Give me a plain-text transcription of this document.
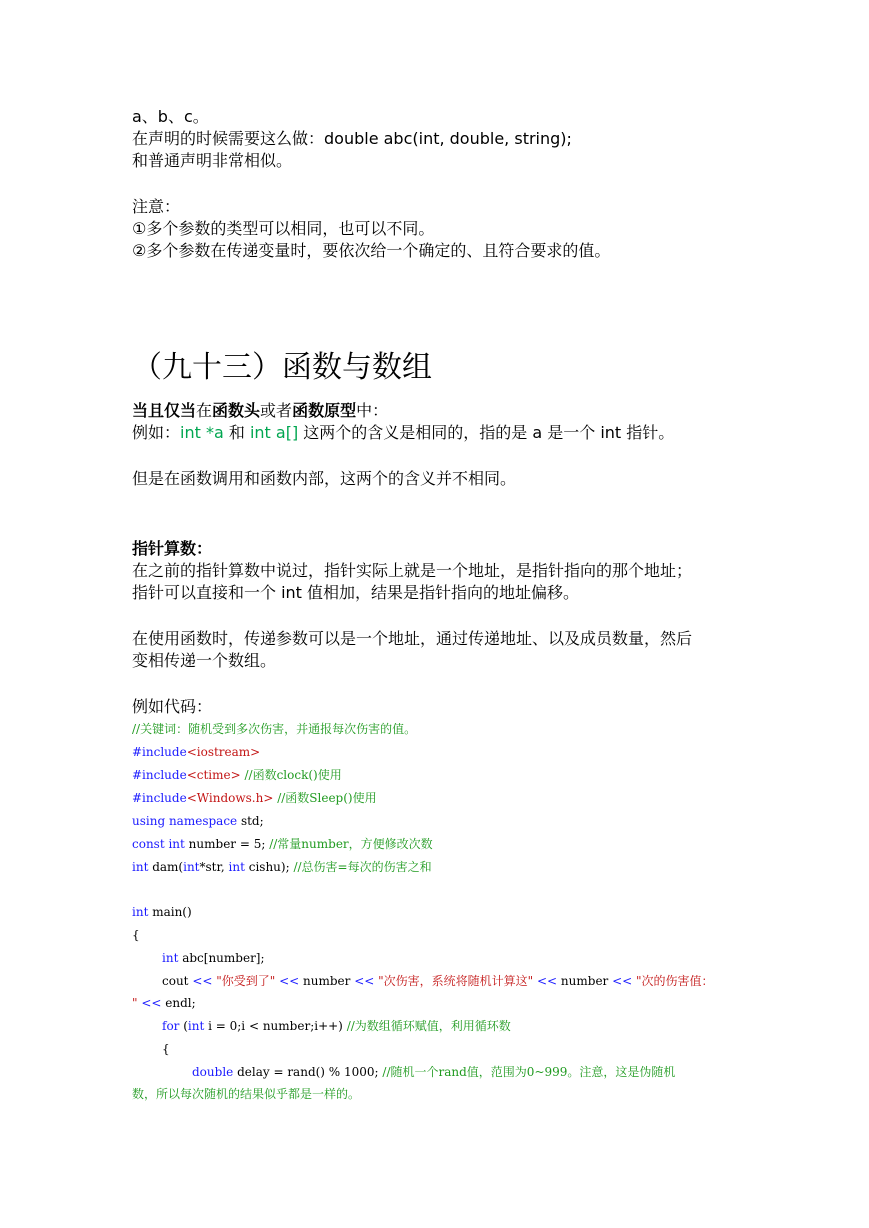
a、b、c。
在声明的时候需要这么做：double abc(int, double, string);
和普通声明非常相似。
注意：
①多个参数的类型可以相同，也可以不同。
②多个参数在传递变量时，要依次给一个确定的、且符合要求的值。
（九十三）函数与数组
当且仅当在函数头或者函数原型中：
例如：int *a 和 int a[] 这两个的含义是相同的，指的是 a 是一个 int 指针。
但是在函数调用和函数内部，这两个的含义并不相同。
指针算数：
在之前的指针算数中说过，指针实际上就是一个地址，是指针指向的那个地址；
指针可以直接和一个 int 值相加，结果是指针指向的地址偏移。
在使用函数时，传递参数可以是一个地址，通过传递地址、以及成员数量，然后
变相传递一个数组。
例如代码：
//关键词：随机受到多次伤害，并通报每次伤害的值。
#include<iostream>
#include<ctime> //函数clock()使用
#include<Windows.h> //函数Sleep()使用
using namespace std;
const int number = 5; //常量number，方便修改次数
int dam(int*str, int cishu); //总伤害=每次的伤害之和
int main()
{
int abc[number];
cout << "你受到了" << number << "次伤害，系统将随机计算这" << number << "次的伤害值：
" << endl;
for (int i = 0;i < number;i++) //为数组循环赋值，利用循环数
{
double delay = rand() % 1000; //随机一个rand值，范围为0~999。注意，这是伪随机
数，所以每次随机的结果似乎都是一样的。
